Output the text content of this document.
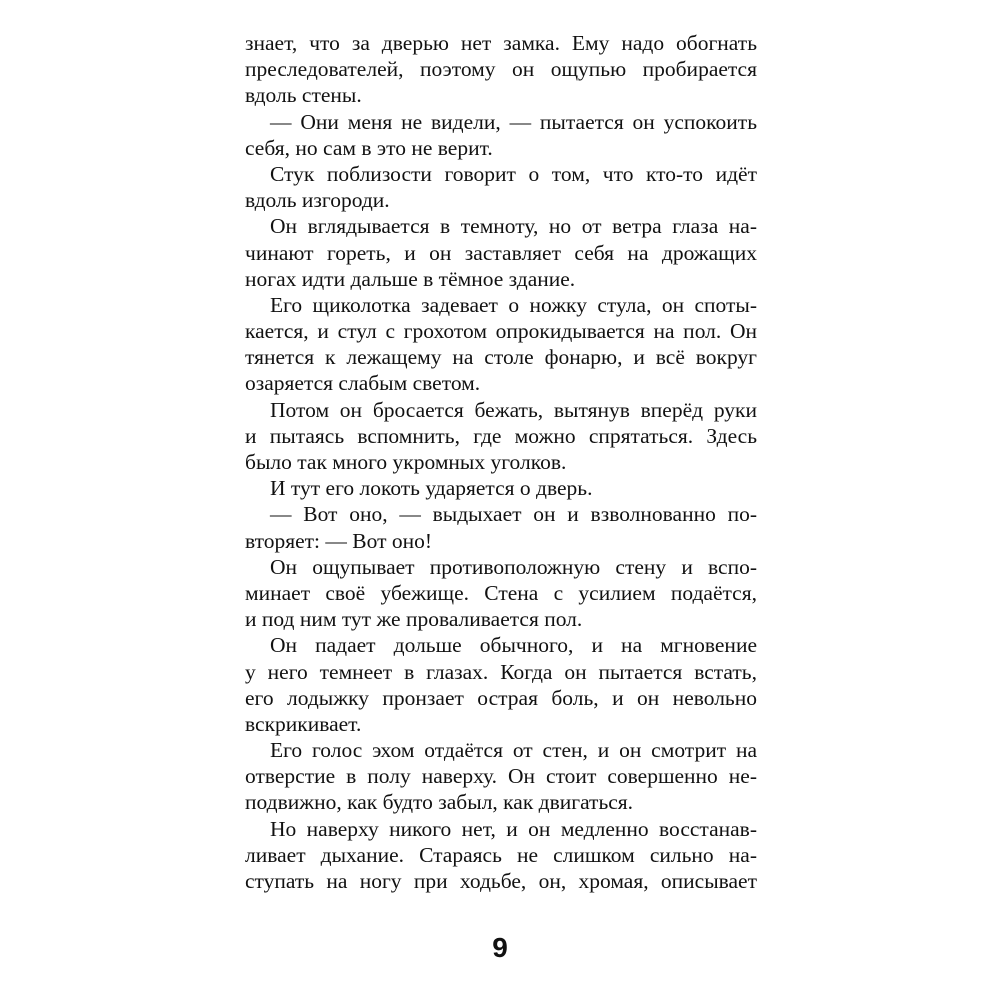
знает, что за дверью нет замка. Ему надо обогнать
преследователей, поэтому он ощупью пробирается
вдоль стены.
— Они меня не видели, — пытается он успокоить
себя, но сам в это не верит.
Стук поблизости говорит о том, что кто-то идёт
вдоль изгороди.
Он вглядывается в темноту, но от ветра глаза на-
чинают гореть, и он заставляет себя на дрожащих
ногах идти дальше в тёмное здание.
Его щиколотка задевает о ножку стула, он споты-
кается, и стул с грохотом опрокидывается на пол. Он
тянется к лежащему на столе фонарю, и всё вокруг
озаряется слабым светом.
Потом он бросается бежать, вытянув вперёд руки
и пытаясь вспомнить, где можно спрятаться. Здесь
было так много укромных уголков.
И тут его локоть ударяется о дверь.
— Вот оно, — выдыхает он и взволнованно по-
вторяет: — Вот оно!
Он ощупывает противоположную стену и вспо-
минает своё убежище. Стена с усилием подаётся,
и под ним тут же проваливается пол.
Он падает дольше обычного, и на мгновение
у него темнеет в глазах. Когда он пытается встать,
его лодыжку пронзает острая боль, и он невольно
вскрикивает.
Его голос эхом отдаётся от стен, и он смотрит на
отверстие в полу наверху. Он стоит совершенно не-
подвижно, как будто забыл, как двигаться.
Но наверху никого нет, и он медленно восстанав-
ливает дыхание. Стараясь не слишком сильно на-
ступать на ногу при ходьбе, он, хромая, описывает
9
